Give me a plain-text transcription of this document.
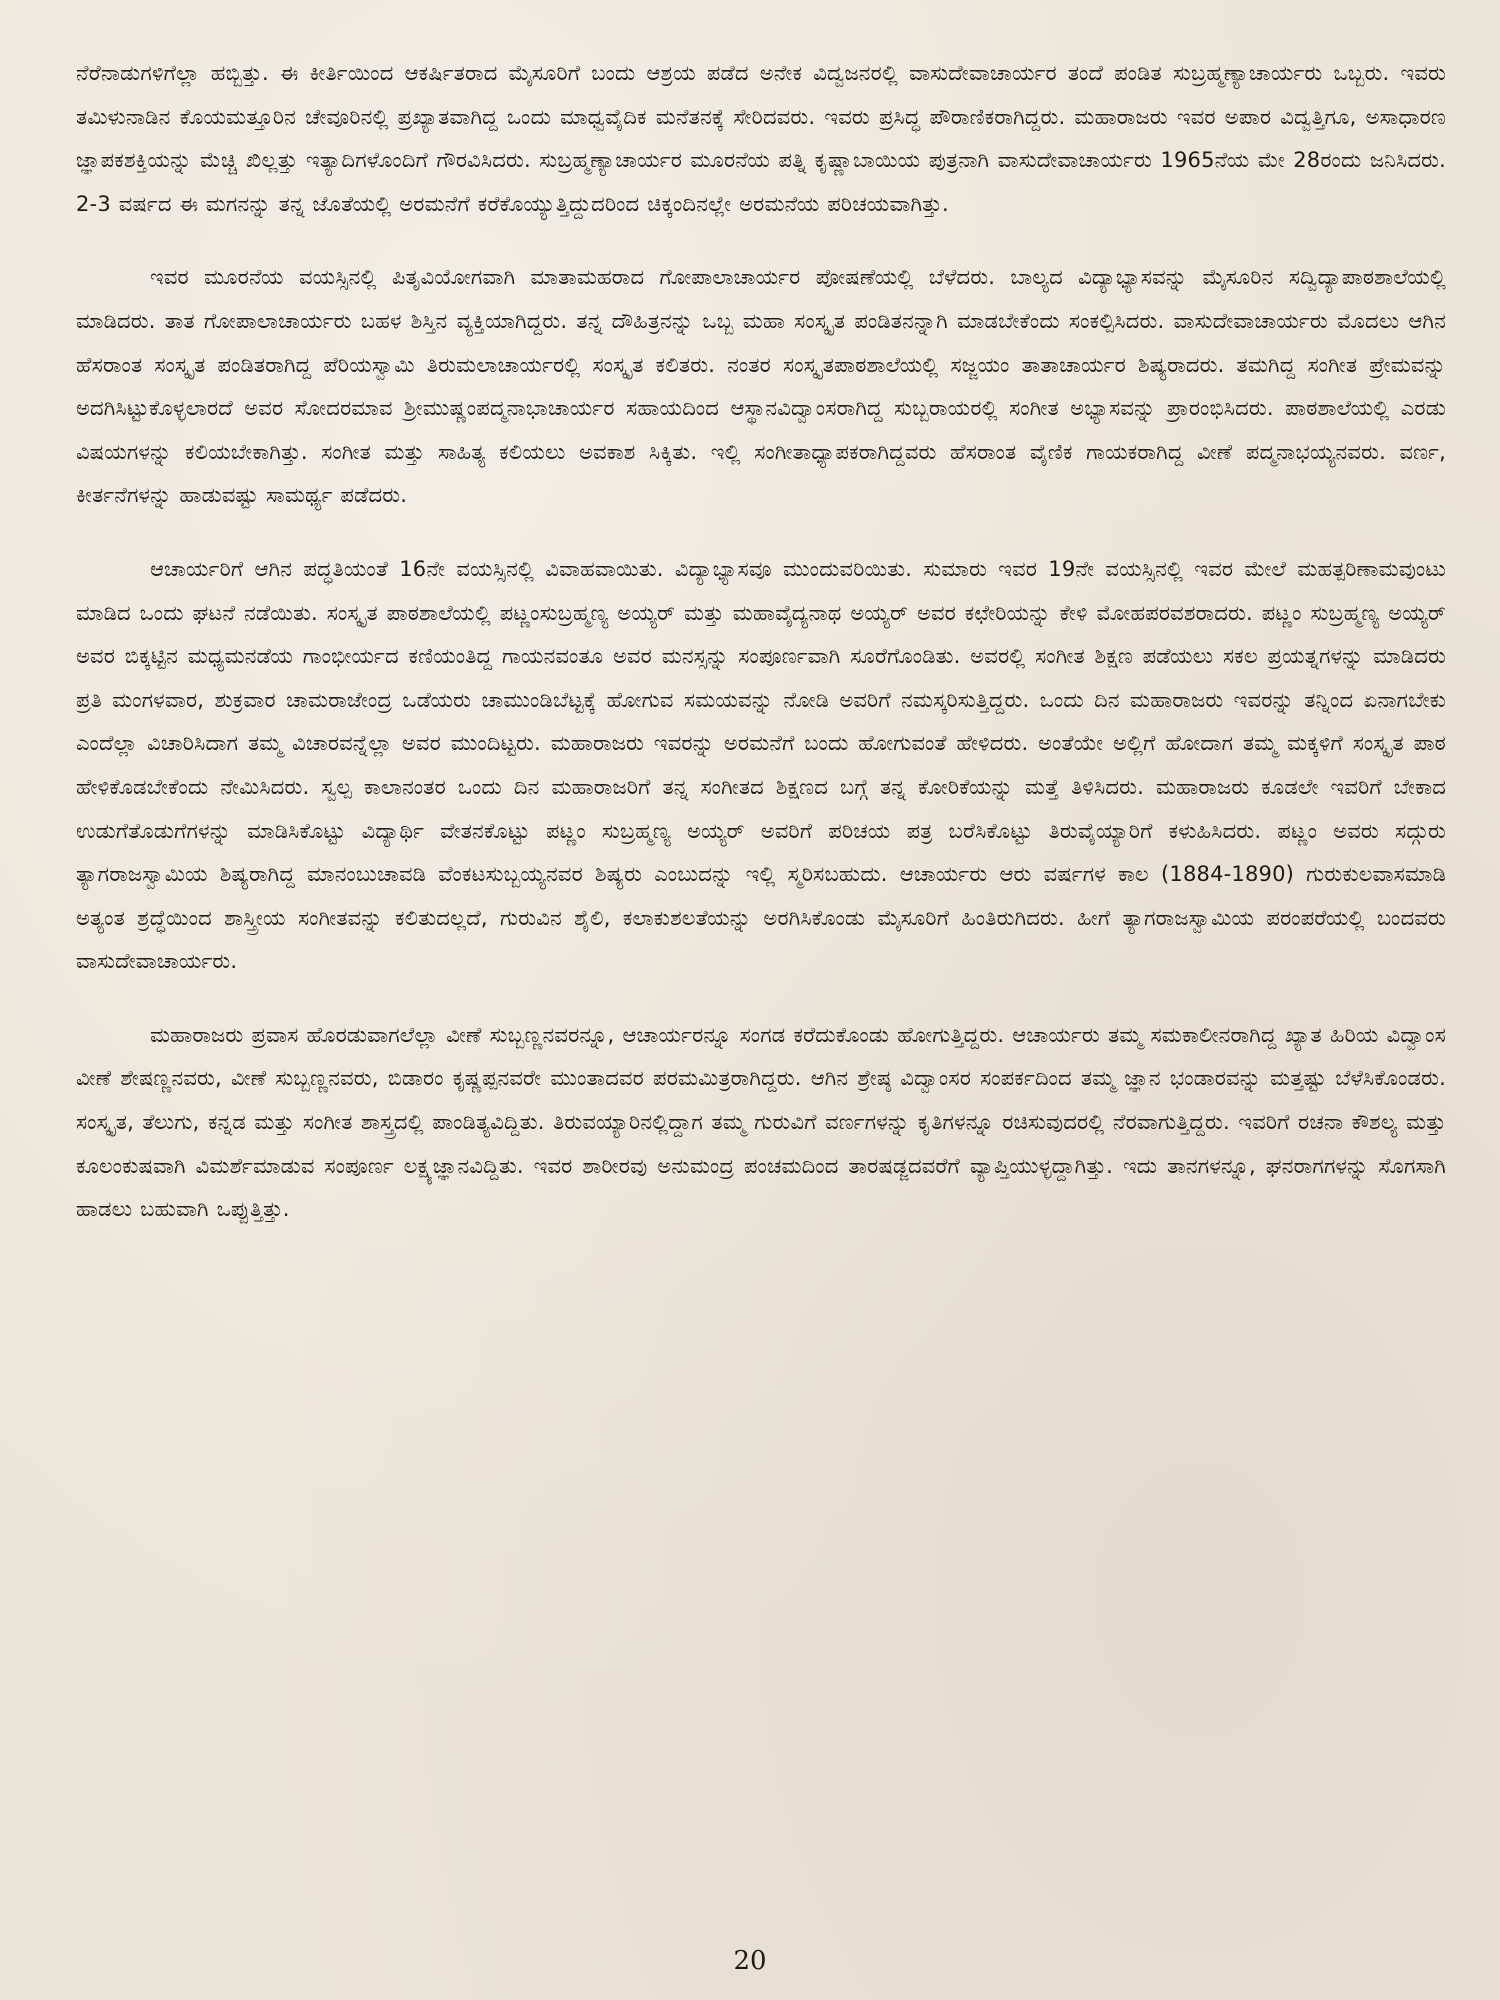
ನೆರೆನಾಡುಗಳಿಗೆಲ್ಲಾ ಹಬ್ಬಿತ್ತು. ಈ ಕೀರ್ತಿಯಿಂದ ಆಕರ್ಷಿತರಾದ ಮೈಸೂರಿಗೆ ಬಂದು ಆಶ್ರಯ ಪಡೆದ ಅನೇಕ ವಿದ್ವಜನರಲ್ಲಿ ವಾಸುದೇವಾಚಾರ್ಯರ ತಂದೆ ಪಂಡಿತ ಸುಬ್ರಹ್ಮಣ್ಯಾಚಾರ್ಯರು ಒಬ್ಬರು. ಇವರು ತಮಿಳುನಾಡಿನ ಕೊಯಮತ್ತೂರಿನ ಚೇವೂರಿನಲ್ಲಿ ಪ್ರಖ್ಯಾತವಾಗಿದ್ದ ಒಂದು ಮಾಧ್ವವೈದಿಕ ಮನೆತನಕ್ಕೆ ಸೇರಿದವರು. ಇವರು ಪ್ರಸಿದ್ಧ ಪೌರಾಣಿಕರಾಗಿದ್ದರು. ಮಹಾರಾಜರು ಇವರ ಅಪಾರ ವಿದ್ವತ್ತಿಗೂ, ಅಸಾಧಾರಣ ಜ್ಞಾಪಕಶಕ್ತಿಯನ್ನು ಮೆಚ್ಚಿ ಖಿಲ್ಲತ್ತು ಇತ್ಯಾದಿಗಳೊಂದಿಗೆ ಗೌರವಿಸಿದರು. ಸುಬ್ರಹ್ಮಣ್ಯಾಚಾರ್ಯರ ಮೂರನೆಯ ಪತ್ನಿ ಕೃಷ್ಣಾಬಾಯಿಯ ಪುತ್ರನಾಗಿ ವಾಸುದೇವಾಚಾರ್ಯರು 1965ನೆಯ ಮೇ 28ರಂದು ಜನಿಸಿದರು. 2-3 ವರ್ಷದ ಈ ಮಗನನ್ನು ತನ್ನ ಜೊತೆಯಲ್ಲಿ ಅರಮನೆಗೆ ಕರೆಕೊಯ್ಯುತ್ತಿದ್ದುದರಿಂದ ಚಿಕ್ಕಂದಿನಲ್ಲೇ ಅರಮನೆಯ ಪರಿಚಯವಾಗಿತ್ತು.

ಇವರ ಮೂರನೆಯ ವಯಸ್ಸಿನಲ್ಲಿ ಪಿತೃವಿಯೋಗವಾಗಿ ಮಾತಾಮಹರಾದ ಗೋಪಾಲಾಚಾರ್ಯರ ಪೋಷಣೆಯಲ್ಲಿ ಬೆಳೆದರು. ಬಾಲ್ಯದ ವಿದ್ಯಾಭ್ಯಾಸವನ್ನು ಮೈಸೂರಿನ ಸದ್ವಿದ್ಯಾಪಾಠಶಾಲೆಯಲ್ಲಿ ಮಾಡಿದರು. ತಾತ ಗೋಪಾಲಾಚಾರ್ಯರು ಬಹಳ ಶಿಸ್ತಿನ ವ್ಯಕ್ತಿಯಾಗಿದ್ದರು. ತನ್ನ ದೌಹಿತ್ರನನ್ನು ಒಬ್ಬ ಮಹಾ ಸಂಸ್ಕೃತ ಪಂಡಿತನನ್ನಾಗಿ ಮಾಡಬೇಕೆಂದು ಸಂಕಲ್ಪಿಸಿದರು. ವಾಸುದೇವಾಚಾರ್ಯರು ಮೊದಲು ಆಗಿನ ಹೆಸರಾಂತ ಸಂಸ್ಕೃತ ಪಂಡಿತರಾಗಿದ್ದ ಪೆರಿಯಸ್ವಾಮಿ ತಿರುಮಲಾಚಾರ್ಯರಲ್ಲಿ ಸಂಸ್ಕೃತ ಕಲಿತರು. ನಂತರ ಸಂಸ್ಕೃತಪಾಠಶಾಲೆಯಲ್ಲಿ ಸಜ್ಜಯಂ ತಾತಾಚಾರ್ಯರ ಶಿಷ್ಯರಾದರು. ತಮಗಿದ್ದ ಸಂಗೀತ ಪ್ರೇಮವನ್ನು ಅದಗಿಸಿಟ್ಟುಕೊಳ್ಳಲಾರದೆ ಅವರ ಸೋದರಮಾವ ಶ್ರೀಮುಷ್ಣಂಪದ್ಮನಾಭಾಚಾರ್ಯರ ಸಹಾಯದಿಂದ ಆಸ್ಥಾನವಿದ್ವಾಂಸರಾಗಿದ್ದ ಸುಬ್ಬರಾಯರಲ್ಲಿ ಸಂಗೀತ ಅಭ್ಯಾಸವನ್ನು ಪ್ರಾರಂಭಿಸಿದರು. ಪಾಠಶಾಲೆಯಲ್ಲಿ ಎರಡು ವಿಷಯಗಳನ್ನು ಕಲಿಯಬೇಕಾಗಿತ್ತು. ಸಂಗೀತ ಮತ್ತು ಸಾಹಿತ್ಯ ಕಲಿಯಲು ಅವಕಾಶ ಸಿಕ್ಕಿತು. ಇಲ್ಲಿ ಸಂಗೀತಾಧ್ಯಾಪಕರಾಗಿದ್ದವರು ಹೆಸರಾಂತ ವೈಣಿಕ ಗಾಯಕರಾಗಿದ್ದ ವೀಣೆ ಪದ್ಮನಾಭಯ್ಯನವರು. ವರ್ಣ, ಕೀರ್ತನೆಗಳನ್ನು ಹಾಡುವಷ್ಟು ಸಾಮರ್ಥ್ಯ ಪಡೆದರು.

ಆಚಾರ್ಯರಿಗೆ ಆಗಿನ ಪದ್ಧತಿಯಂತೆ 16ನೇ ವಯಸ್ಸಿನಲ್ಲಿ ವಿವಾಹವಾಯಿತು. ವಿದ್ಯಾಭ್ಯಾಸವೂ ಮುಂದುವರಿಯಿತು. ಸುಮಾರು ಇವರ 19ನೇ ವಯಸ್ಸಿನಲ್ಲಿ ಇವರ ಮೇಲೆ ಮಹತ್ಪರಿಣಾಮವುಂಟು ಮಾಡಿದ ಒಂದು ಘಟನೆ ನಡೆಯಿತು. ಸಂಸ್ಕೃತ ಪಾಠಶಾಲೆಯಲ್ಲಿ ಪಟ್ಣಂಸುಬ್ರಹ್ಮಣ್ಯ ಅಯ್ಯರ್ ಮತ್ತು ಮಹಾವೈದ್ಯನಾಥ ಅಯ್ಯರ್ ಅವರ ಕಛೇರಿಯನ್ನು ಕೇಳಿ ಮೋಹಪರವಶರಾದರು. ಪಟ್ಣಂ ಸುಬ್ರಹ್ಮಣ್ಯ ಅಯ್ಯರ್ ಅವರ ಬಿಕ್ಕಟ್ಟಿನ ಮಧ್ಯಮನಡೆಯ ಗಾಂಭೀರ್ಯದ ಕಣಿಯಂತಿದ್ದ ಗಾಯನವಂತೂ ಅವರ ಮನಸ್ಸನ್ನು ಸಂಪೂರ್ಣವಾಗಿ ಸೂರೆಗೊಂಡಿತು. ಅವರಲ್ಲಿ ಸಂಗೀತ ಶಿಕ್ಷಣ ಪಡೆಯಲು ಸಕಲ ಪ್ರಯತ್ನಗಳನ್ನು ಮಾಡಿದರು ಪ್ರತಿ ಮಂಗಳವಾರ, ಶುಕ್ರವಾರ ಚಾಮರಾಜೇಂದ್ರ ಒಡೆಯರು ಚಾಮುಂಡಿಬೆಟ್ಟಕ್ಕೆ ಹೋಗುವ ಸಮಯವನ್ನು ನೋಡಿ ಅವರಿಗೆ ನಮಸ್ಕರಿಸುತ್ತಿದ್ದರು. ಒಂದು ದಿನ ಮಹಾರಾಜರು ಇವರನ್ನು ತನ್ನಿಂದ ಏನಾಗಬೇಕು ಎಂದೆಲ್ಲಾ ವಿಚಾರಿಸಿದಾಗ ತಮ್ಮ ವಿಚಾರವನ್ನೆಲ್ಲಾ ಅವರ ಮುಂದಿಟ್ಟರು. ಮಹಾರಾಜರು ಇವರನ್ನು ಅರಮನೆಗೆ ಬಂದು ಹೋಗುವಂತೆ ಹೇಳಿದರು. ಅಂತೆಯೇ ಅಲ್ಲಿಗೆ ಹೋದಾಗ ತಮ್ಮ ಮಕ್ಕಳಿಗೆ ಸಂಸ್ಕೃತ ಪಾಠ ಹೇಳಿಕೊಡಬೇಕೆಂದು ನೇಮಿಸಿದರು. ಸ್ವಲ್ಪ ಕಾಲಾನಂತರ ಒಂದು ದಿನ ಮಹಾರಾಜರಿಗೆ ತನ್ನ ಸಂಗೀತದ ಶಿಕ್ಷಣದ ಬಗ್ಗೆ ತನ್ನ ಕೋರಿಕೆಯನ್ನು ಮತ್ತೆ ತಿಳಿಸಿದರು. ಮಹಾರಾಜರು ಕೂಡಲೇ ಇವರಿಗೆ ಬೇಕಾದ ಉಡುಗೆತೊಡುಗೆಗಳನ್ನು ಮಾಡಿಸಿಕೊಟ್ಟು ವಿದ್ಯಾರ್ಥಿ ವೇತನಕೊಟ್ಟು ಪಟ್ಣಂ ಸುಬ್ರಹ್ಮಣ್ಯ ಅಯ್ಯರ್ ಅವರಿಗೆ ಪರಿಚಯ ಪತ್ರ ಬರೆಸಿಕೊಟ್ಟು ತಿರುವೈಯ್ಯಾರಿಗೆ ಕಳುಹಿಸಿದರು. ಪಟ್ಣಂ ಅವರು ಸದ್ಗುರು ತ್ಯಾಗರಾಜಸ್ವಾಮಿಯ ಶಿಷ್ಯರಾಗಿದ್ದ ಮಾನಂಬುಚಾವಡಿ ವೆಂಕಟಸುಬ್ಬಯ್ಯನವರ ಶಿಷ್ಯರು ಎಂಬುದನ್ನು ಇಲ್ಲಿ ಸ್ಮರಿಸಬಹುದು. ಆಚಾರ್ಯರು ಆರು ವರ್ಷಗಳ ಕಾಲ (1884-1890) ಗುರುಕುಲವಾಸಮಾಡಿ ಅತ್ಯಂತ ಶ್ರದ್ಧೆಯಿಂದ ಶಾಸ್ತ್ರೀಯ ಸಂಗೀತವನ್ನು ಕಲಿತುದಲ್ಲದೆ, ಗುರುವಿನ ಶೈಲಿ, ಕಲಾಕುಶಲತೆಯನ್ನು ಅರಗಿಸಿಕೊಂಡು ಮೈಸೂರಿಗೆ ಹಿಂತಿರುಗಿದರು. ಹೀಗೆ ತ್ಯಾಗರಾಜಸ್ವಾಮಿಯ ಪರಂಪರೆಯಲ್ಲಿ ಬಂದವರು ವಾಸುದೇವಾಚಾರ್ಯರು.

ಮಹಾರಾಜರು ಪ್ರವಾಸ ಹೊರಡುವಾಗಲೆಲ್ಲಾ ವೀಣೆ ಸುಬ್ಬಣ್ಣನವರನ್ನೂ, ಆಚಾರ್ಯರನ್ನೂ ಸಂಗಡ ಕರೆದುಕೊಂಡು ಹೋಗುತ್ತಿದ್ದರು. ಆಚಾರ್ಯರು ತಮ್ಮ ಸಮಕಾಲೀನರಾಗಿದ್ದ ಖ್ಯಾತ ಹಿರಿಯ ವಿದ್ವಾಂಸ ವೀಣೆ ಶೇಷಣ್ಣನವರು, ವೀಣೆ ಸುಬ್ಬಣ್ಣನವರು, ಬಿಡಾರಂ ಕೃಷ್ಣಪ್ಪನವರೇ ಮುಂತಾದವರ ಪರಮಮಿತ್ರರಾಗಿದ್ದರು. ಆಗಿನ ಶ್ರೇಷ್ಠ ವಿದ್ವಾಂಸರ ಸಂಪರ್ಕದಿಂದ ತಮ್ಮ ಜ್ಞಾನ ಭಂಡಾರವನ್ನು ಮತ್ತಷ್ಟು ಬೆಳೆಸಿಕೊಂಡರು. ಸಂಸ್ಕೃತ, ತೆಲುಗು, ಕನ್ನಡ ಮತ್ತು ಸಂಗೀತ ಶಾಸ್ತ್ರದಲ್ಲಿ ಪಾಂಡಿತ್ಯವಿದ್ದಿತು. ತಿರುವಯ್ಯಾರಿನಲ್ಲಿದ್ದಾಗ ತಮ್ಮ ಗುರುವಿಗೆ ವರ್ಣಗಳನ್ನು ಕೃತಿಗಳನ್ನೂ ರಚಿಸುವುದರಲ್ಲಿ ನೆರವಾಗುತ್ತಿದ್ದರು. ಇವರಿಗೆ ರಚನಾ ಕೌಶಲ್ಯ ಮತ್ತು ಕೂಲಂಕುಷವಾಗಿ ವಿಮರ್ಶೆಮಾಡುವ ಸಂಪೂರ್ಣ ಲಕ್ಷ್ಯಜ್ಞಾನವಿದ್ದಿತು. ಇವರ ಶಾರೀರವು ಅನುಮಂದ್ರ ಪಂಚಮದಿಂದ ತಾರಷಡ್ಜದವರೆಗೆ ವ್ಯಾಪ್ತಿಯುಳ್ಳದ್ದಾಗಿತ್ತು. ಇದು ತಾನಗಳನ್ನೂ, ಘನರಾಗಗಳನ್ನು ಸೊಗಸಾಗಿ ಹಾಡಲು ಬಹುವಾಗಿ ಒಪ್ಪುತ್ತಿತ್ತು.

20
